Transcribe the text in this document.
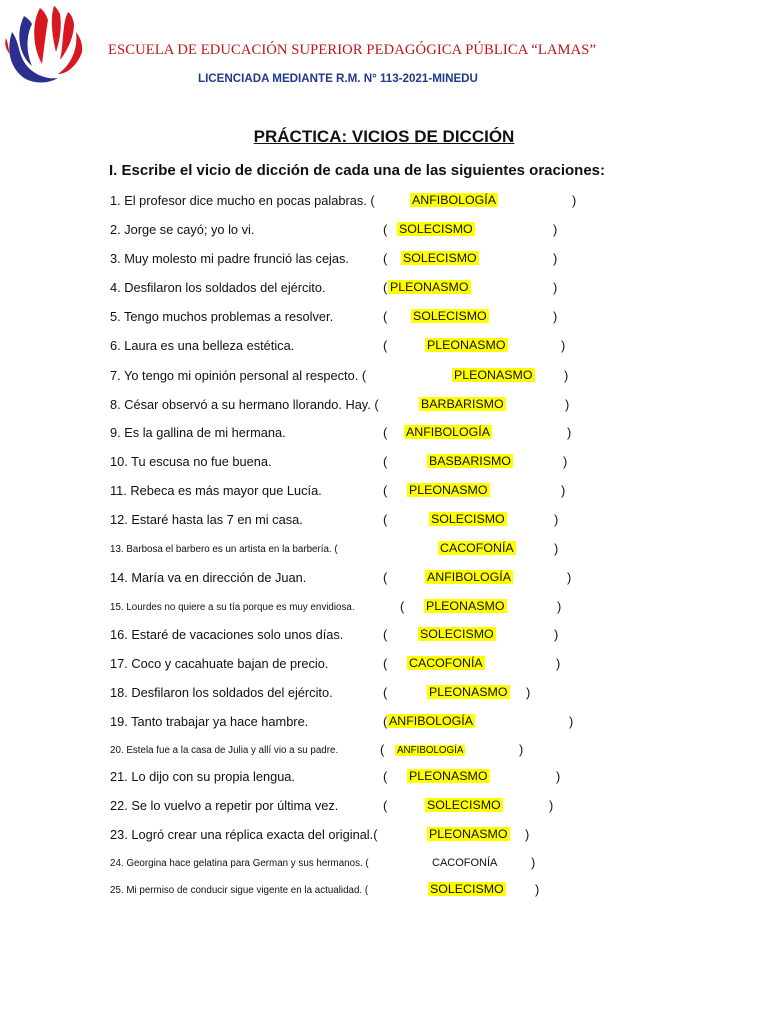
ESCUELA DE EDUCACIÓN SUPERIOR PEDAGÓGICA PÚBLICA “LAMAS”
LICENCIADA MEDIANTE R.M. N° 113-2021-MINEDU
PRÁCTICA: VICIOS DE DICCIÓN
I. Escribe el vicio de dicción de cada una de las siguientes oraciones:
1. El profesor dice mucho en pocas palabras. (	ANFIBOLOGÍA	)
2. Jorge se cayó; yo lo vi.	( SOLECISMO	)
3. Muy molesto mi padre frunció las cejas.	( SOLECISMO	)
4. Desfilaron los soldados del ejército.	( PLEONASMO	)
5. Tengo muchos problemas a resolver.	( SOLECISMO	)
6. Laura es una belleza estética.	(	PLEONASMO	)
7. Yo tengo mi opinión personal al respecto. (	PLEONASMO )
8. César observó a su hermano llorando. Hay. (	BARBARISMO	)
9. Es la gallina de mi hermana.	( ANFIBOLOGÍA	)
10. Tu escusa no fue buena.	(	BASBARISMO	)
11. Rebeca es más mayor que Lucía.	( PLEONASMO	)
12. Estaré hasta las 7 en mi casa.	(	SOLECISMO	)
13. Barbosa el barbero es un artista en la barbería. (	CACOFONÍA	)
14. María va en dirección de Juan.	(	ANFIBOLOGÍA	)
15. Lourdes no quiere a su tía porque es muy envidiosa.	( PLEONASMO	)
16. Estaré de vacaciones solo unos días.	(	SOLECISMO	)
17. Coco y cacahuate bajan de precio.	( CACOFONÍA	)
18. Desfilaron los soldados del ejército.	(	PLEONASMO )
19. Tanto trabajar ya hace hambre.	( ANFIBOLOGÍA	)
20. Estela fue a la casa de Julia y allí vio a su padre.	( ANFIBOLOGÍA	)
21. Lo dijo con su propia lengua.	( PLEONASMO	)
22. Se lo vuelvo a repetir por última vez.	(	SOLECISMO	)
23. Logró crear una réplica exacta del original.(	PLEONASMO )
24. Georgina hace gelatina para German y sus hermanos. (	CACOFONÍA	)
25. Mi permiso de conducir sigue vigente en la actualidad. (	SOLECISMO )
